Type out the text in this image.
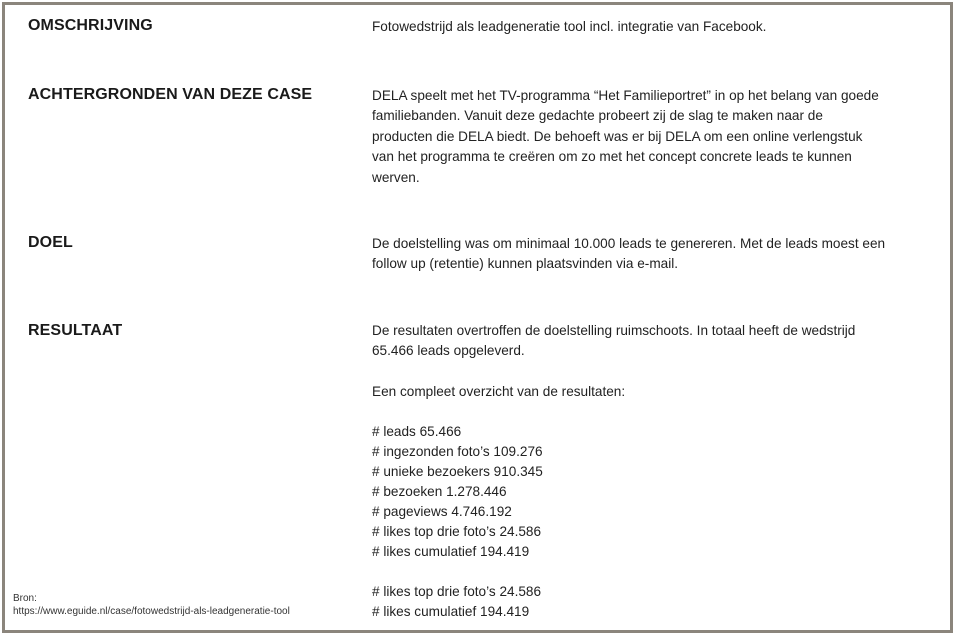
OMSCHRIJVING	Fotowedstrijd als leadgeneratie tool incl. integratie van Facebook.

ACHTERGRONDEN VAN DEZE CASE	DELA speelt met het TV-programma “Het Familieportret” in op het belang van goede

familiebanden. Vanuit deze gedachte probeert zij de slag te maken naar de

producten die DELA biedt. De behoeft was er bij DELA om een online verlengstuk

van het programma te creëren om zo met het concept concrete leads te kunnen

werven.

DOEL	De doelstelling was om minimaal 10.000 leads te genereren. Met de leads moest een

follow up (retentie) kunnen plaatsvinden via e-mail.

RESULTAAT	De resultaten overtroffen de doelstelling ruimschoots. In totaal heeft de wedstrijd

65.466 leads opgeleverd.

Een compleet overzicht van de resultaten:

# leads 65.466
# ingezonden foto’s 109.276
# unieke bezoekers 910.345
# bezoeken 1.278.446
# pageviews 4.746.192
# likes top drie foto’s 24.586
# likes cumulatief 194.419
# likes top drie foto’s 24.586
# likes cumulatief 194.419
Bron:
https://www.eguide.nl/case/fotowedstrijd-als-leadgeneratie-tool
